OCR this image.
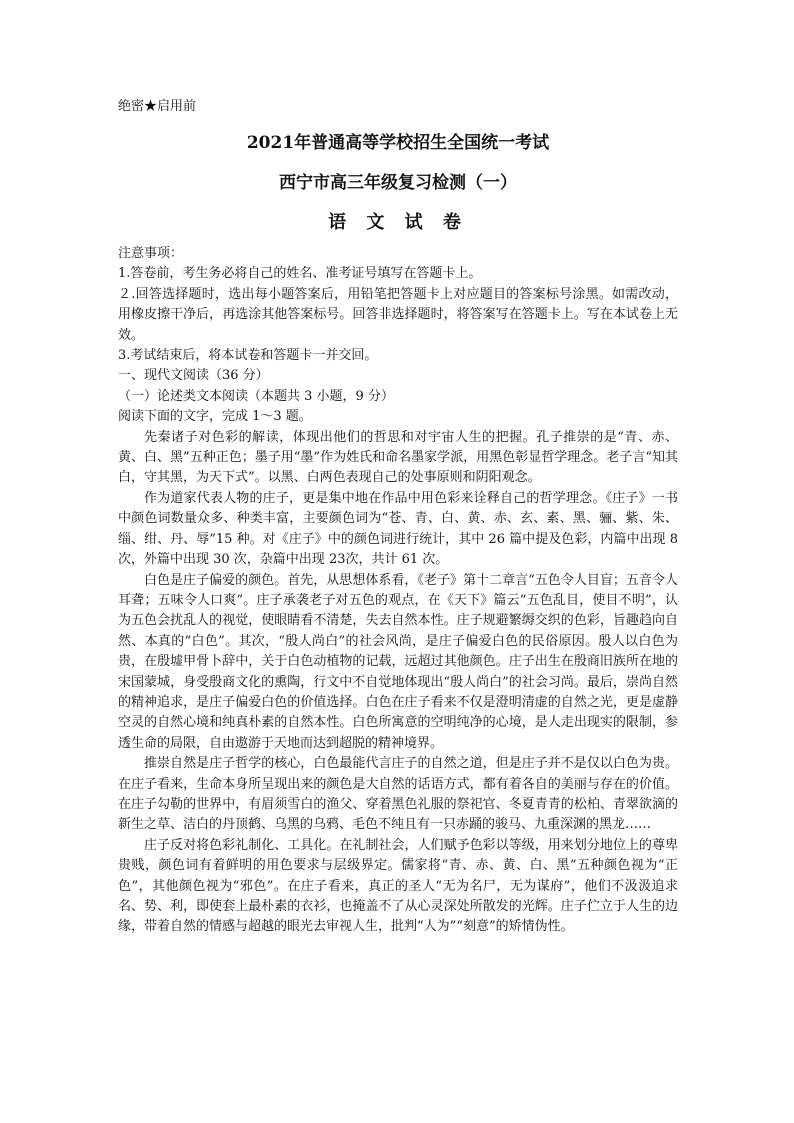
绝密★启用前
2021年普通高等学校招生全国统一考试
西宁市高三年级复习检测（一）
语 文 试 卷

注意事项：

1.答卷前，考生务必将自己的姓名、准考证号填写在答题卡上。

２.回答选择题时，选出每小题答案后，用铅笔把答题卡上对应题目的答案标号涂黑。如需改动，用橡皮擦干净后，再选涂其他答案标号。回答非选择题时，将答案写在答题卡上。写在本试卷上无效。

3.考试结束后，将本试卷和答题卡一并交回。

一、现代文阅读（36 分）

（一）论述类文本阅读（本题共 3 小题，9 分）

阅读下面的文字，完成 1～3 题。

先秦诸子对色彩的解读，体现出他们的哲思和对宇宙人生的把握。孔子推崇的是“青、赤、黄、白、黑”五种正色；墨子用“墨”作为姓氏和命名墨家学派，用黑色彰显哲学理念。老子言“知其白，守其黑，为天下式”。以黑、白两色表现自己的处事原则和阴阳观念。

作为道家代表人物的庄子，更是集中地在作品中用色彩来诠释自己的哲学理念。《庄子》一书中颜色词数量众多、种类丰富，主要颜色词为“苍、青、白、黄、赤、玄、素、黑、骊、紫、朱、缁、绀、丹、辱”15 种。对《庄子》中的颜色词进行统计，其中 26 篇中提及色彩，内篇中出现 8次，外篇中出现 30 次，杂篇中出现 23次，共计 61 次。

白色是庄子偏爱的颜色。首先，从思想体系看，《老子》第十二章言“五色令人目盲；五音令人耳聋；五味令人口爽”。庄子承袭老子对五色的观点，在《天下》篇云“五色乱目，使目不明”，认为五色会扰乱人的视觉，使眼睛看不清楚，失去自然本性。庄子规避繁缛交织的色彩，旨趣趋向自然、本真的“白色”。其次，“殷人尚白”的社会风尚，是庄子偏爱白色的民俗原因。殷人以白色为贵，在殷墟甲骨卜辞中，关于白色动植物的记载，远超过其他颜色。庄子出生在殷商旧族所在地的宋国蒙城，身受殷商文化的熏陶，行文中不自觉地体现出“殷人尚白”的社会习尚。最后，崇尚自然的精神追求，是庄子偏爱白色的价值选择。白色在庄子看来不仅是澄明清虚的自然之光，更是虚静空灵的自然心境和纯真朴素的自然本性。白色所寓意的空明纯净的心境，是人走出现实的限制，参透生命的局限，自由遨游于天地而达到超脱的精神境界。

推崇自然是庄子哲学的核心，白色最能代言庄子的自然之道，但是庄子并不是仅以白色为贵。在庄子看来，生命本身所呈现出来的颜色是大自然的话语方式，都有着各自的美丽与存在的价值。在庄子勾勒的世界中，有眉须雪白的渔父、穿着黑色礼服的祭祀官、冬夏青青的松柏、青翠欲滴的新生之草、洁白的丹顶鹤、乌黑的乌鸦、毛色不纯且有一只赤踊的骏马、九重深渊的黑龙……

庄子反对将色彩礼制化、工具化。在礼制社会，人们赋予色彩以等级，用来划分地位上的尊卑贵贱，颜色词有着鲜明的用色要求与层级界定。儒家将“青、赤、黄、白、黑”五种颜色视为“正色”，其他颜色视为“邪色”。在庄子看来，真正的圣人“无为名尸，无为谋府”，他们不汲汲追求名、势、利，即使套上最朴素的衣衫，也掩盖不了从心灵深处所散发的光辉。庄子伫立于人生的边缘，带着自然的情感与超越的眼光去审视人生，批判“人为”“刻意”的矫情伪性。
